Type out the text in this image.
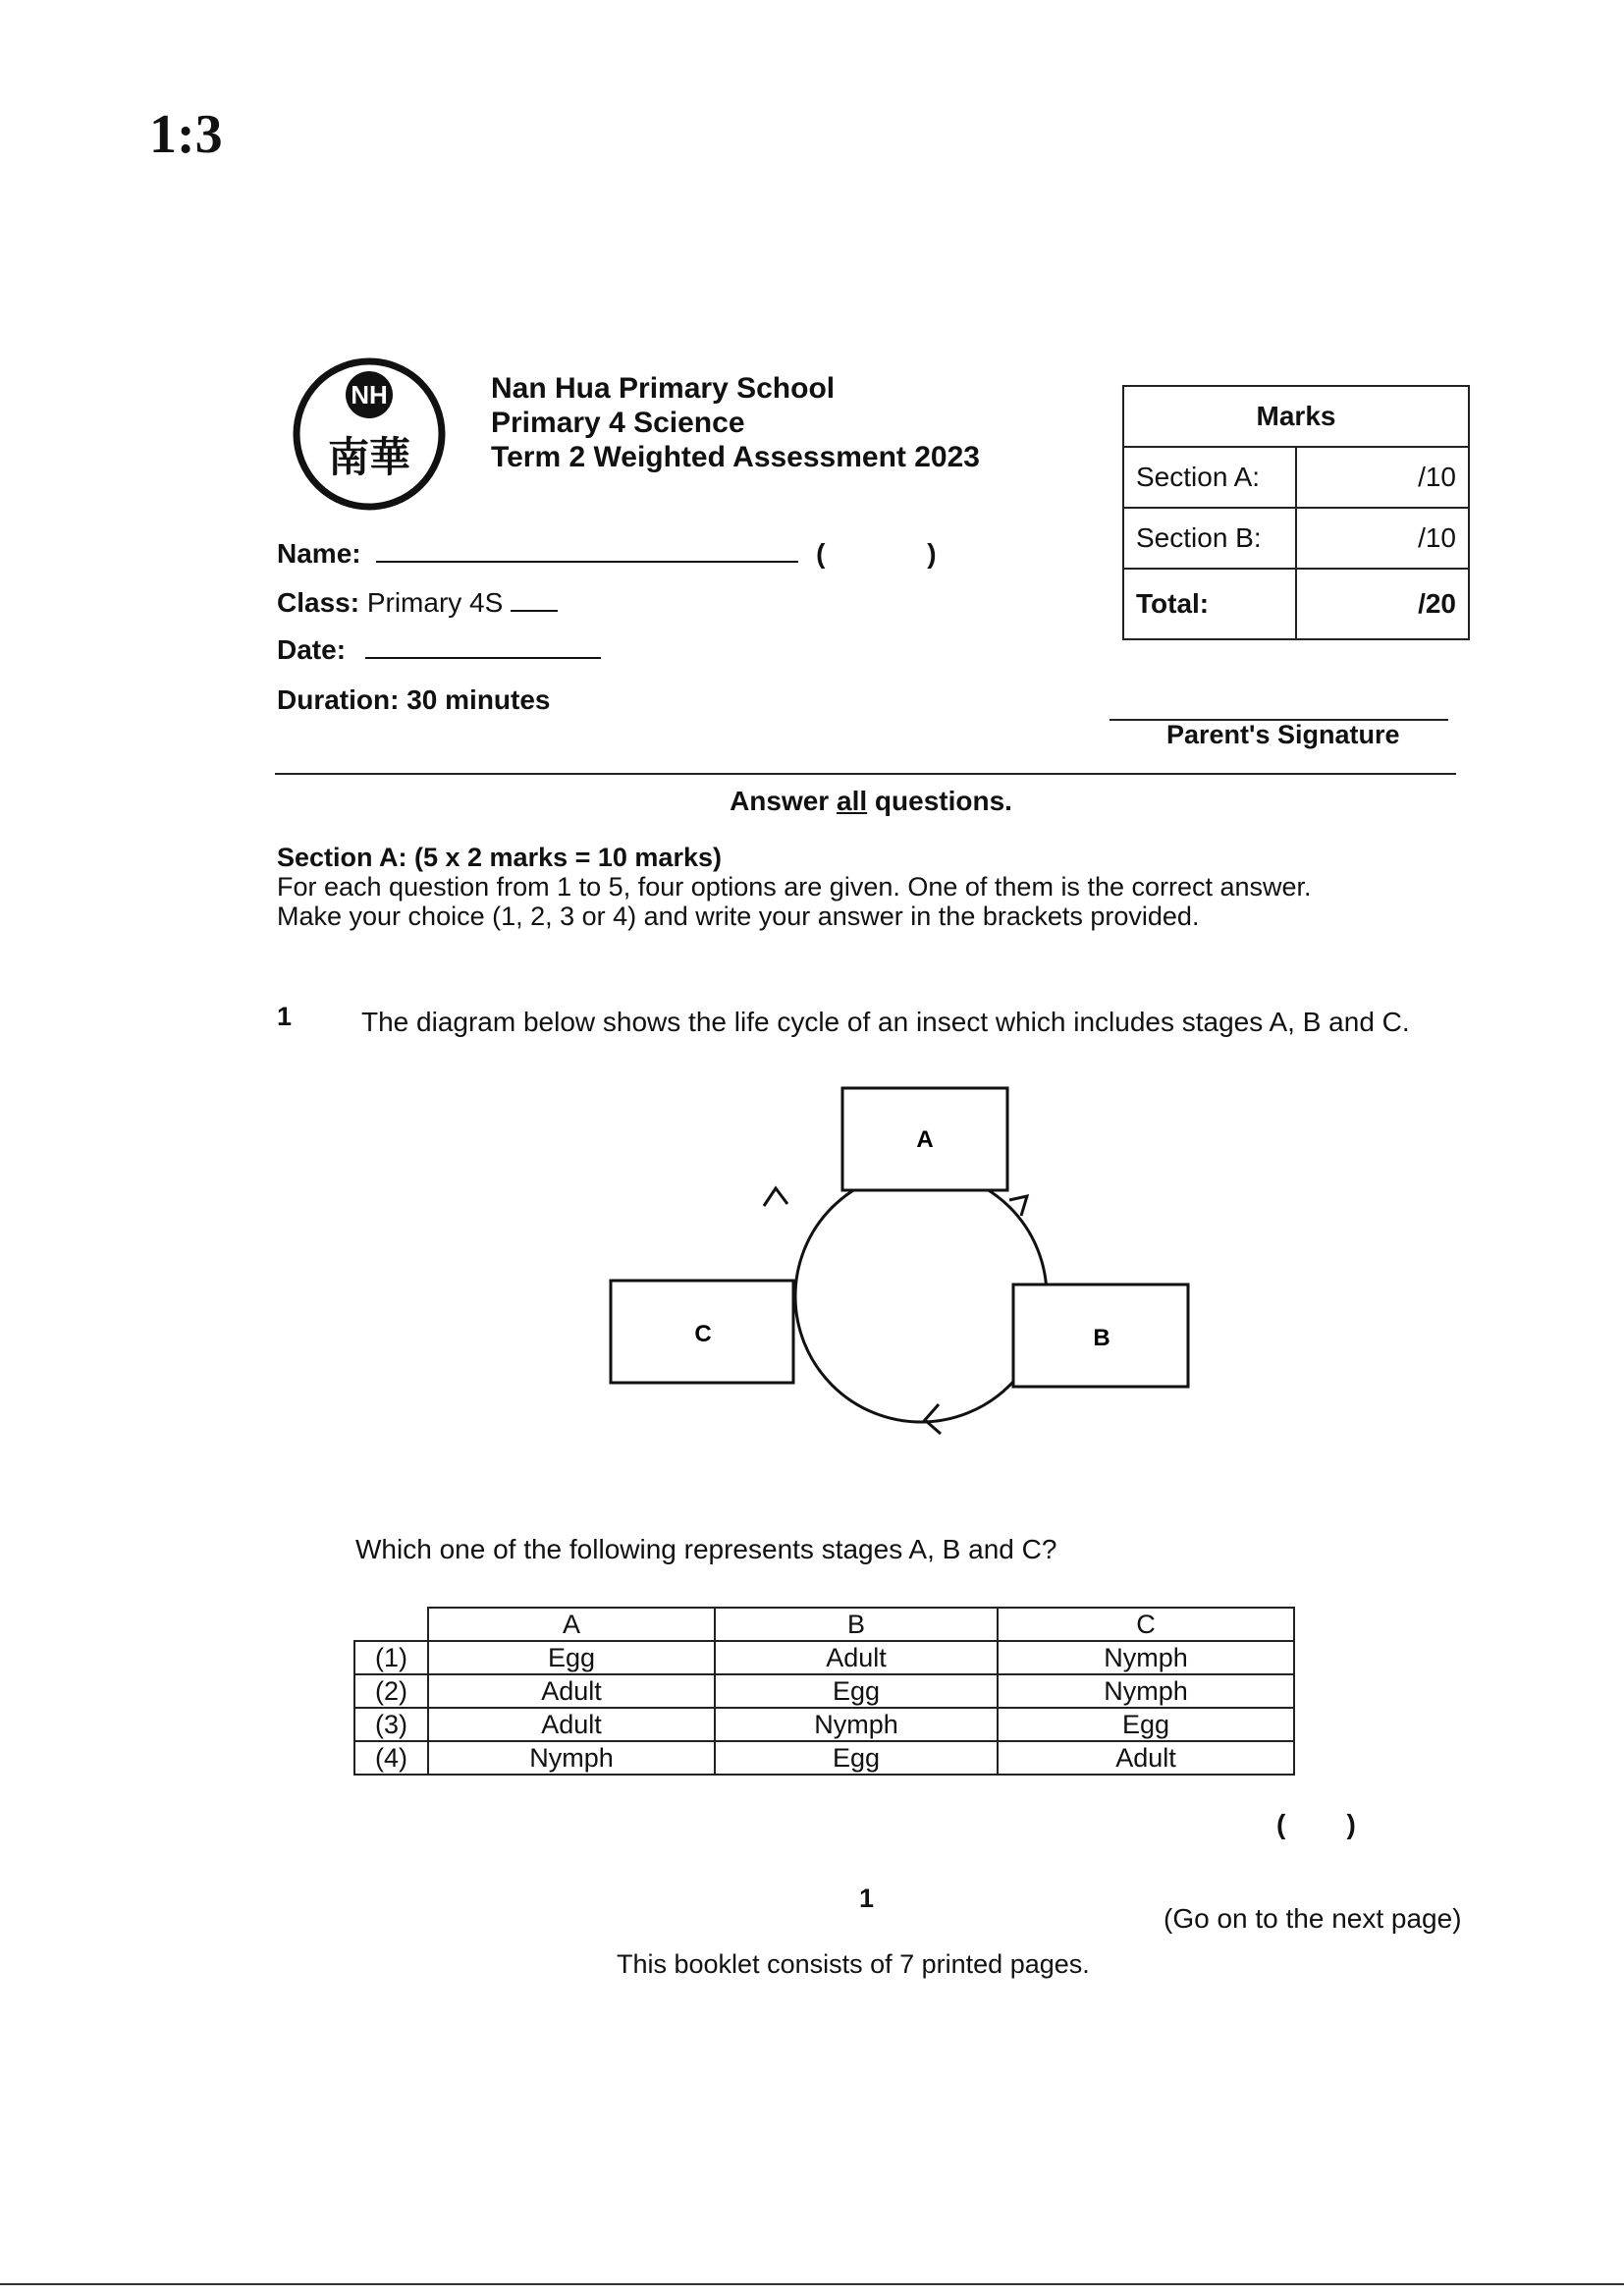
1:3
NH
南華
Nan Hua Primary School
Primary 4 Science
Term 2 Weighted Assessment 2023
Name:	(	)
Class: Primary 4S
Date:
Duration: 30 minutes
Marks	
Section A:	/10
Section B:	/10
Total:	/20
Parent's Signature
Answer all questions.
Section A: (5 x 2 marks = 10 marks)
For each question from 1 to 5, four options are given. One of them is the correct answer.
Make your choice (1, 2, 3 or 4) and write your answer in the brackets provided.
1	The diagram below shows the life cycle of an insect which includes stages A, B and C.
A
B
C
Which one of the following represents stages A, B and C?
	A	B	C
(1)	Egg	Adult	Nymph
(2)	Adult	Egg	Nymph
(3)	Adult	Nymph	Egg
(4)	Nymph	Egg	Adult
(        )
1
(Go on to the next page)
This booklet consists of 7 printed pages.
